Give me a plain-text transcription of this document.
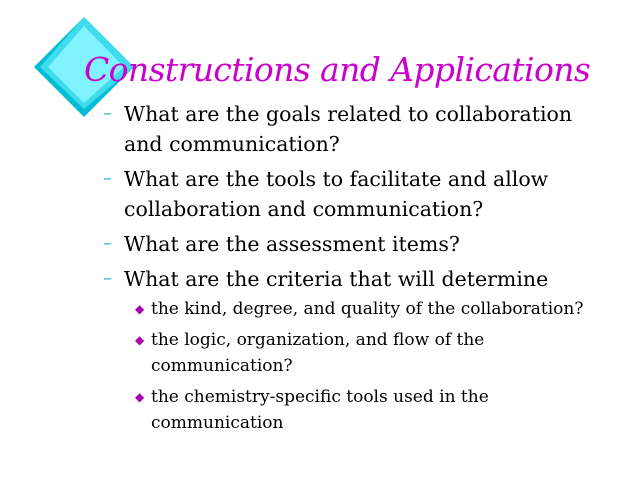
Constructions and Applications
– What are the goals related to collaboration and communication?
– What are the tools to facilitate and allow collaboration and communication?
– What are the assessment items?
– What are the criteria that will determine
◆ the kind, degree, and quality of the collaboration?
◆ the logic, organization, and flow of the communication?
◆ the chemistry-specific tools used in the communication
